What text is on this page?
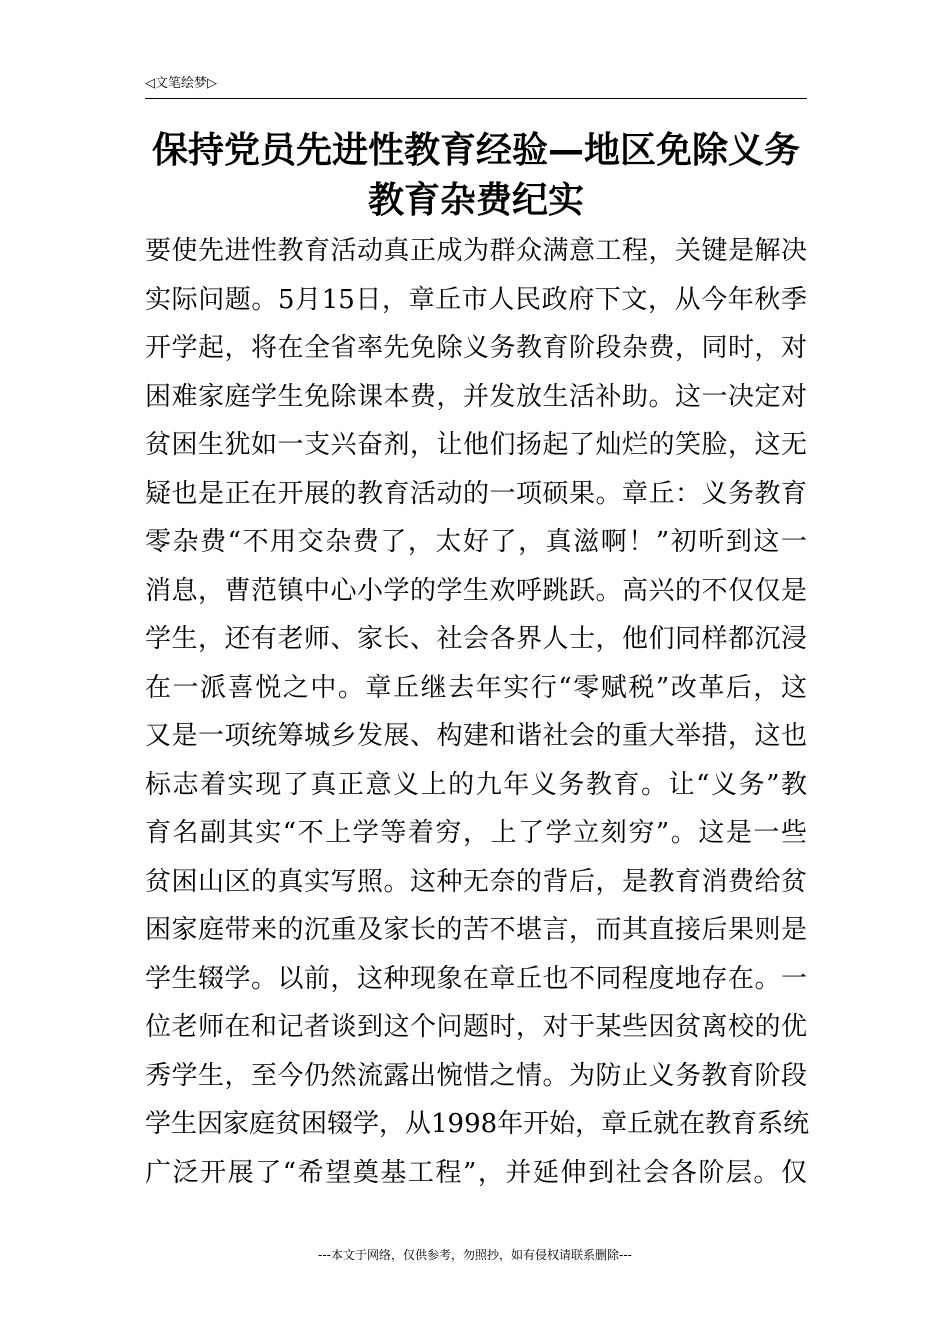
◁文笔绘梦▷
保持党员先进性教育经验—地区免除义务教育杂费纪实
要使先进性教育活动真正成为群众满意工程，关键是解决
实际问题。5月15日，章丘市人民政府下文，从今年秋季
开学起，将在全省率先免除义务教育阶段杂费，同时，对
困难家庭学生免除课本费，并发放生活补助。这一决定对
贫困生犹如一支兴奋剂，让他们扬起了灿烂的笑脸，这无
疑也是正在开展的教育活动的一项硕果。章丘：义务教育
零杂费“不用交杂费了，太好了，真滋啊！”初听到这一
消息，曹范镇中心小学的学生欢呼跳跃。高兴的不仅仅是
学生，还有老师、家长、社会各界人士，他们同样都沉浸
在一派喜悦之中。章丘继去年实行“零赋税”改革后，这
又是一项统筹城乡发展、构建和谐社会的重大举措，这也
标志着实现了真正意义上的九年义务教育。让“义务”教
育名副其实“不上学等着穷，上了学立刻穷”。这是一些
贫困山区的真实写照。这种无奈的背后，是教育消费给贫
困家庭带来的沉重及家长的苦不堪言，而其直接后果则是
学生辍学。以前，这种现象在章丘也不同程度地存在。一
位老师在和记者谈到这个问题时，对于某些因贫离校的优
秀学生，至今仍然流露出惋惜之情。为防止义务教育阶段
学生因家庭贫困辍学，从1998年开始，章丘就在教育系统
广泛开展了“希望奠基工程”，并延伸到社会各阶层。仅
---本文于网络，仅供参考，勿照抄，如有侵权请联系删除---
